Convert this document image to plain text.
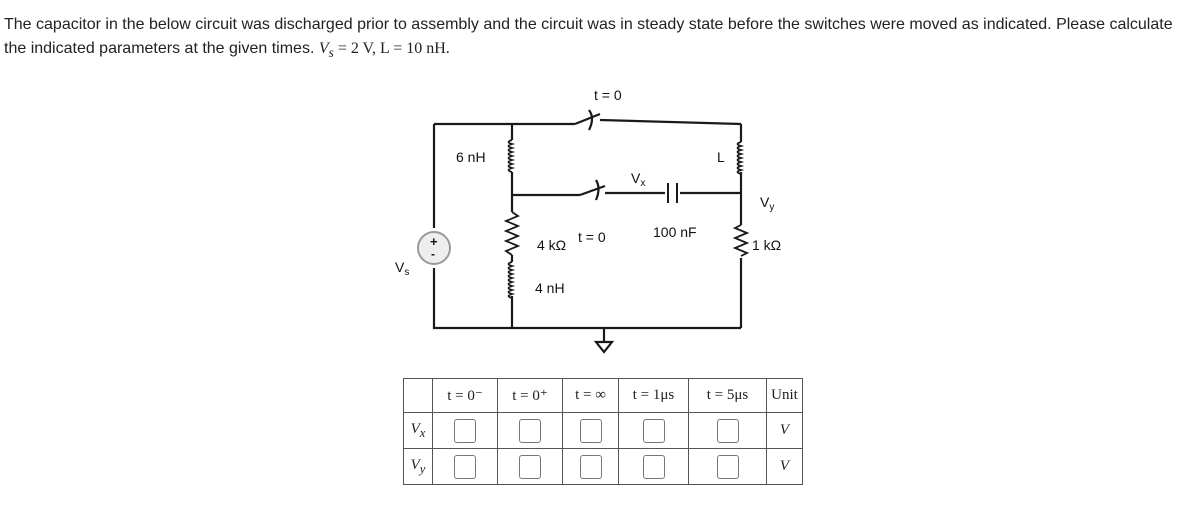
The capacitor in the below circuit was discharged prior to assembly and the circuit was in steady state before the switches were moved as indicated. Please calculate the indicated parameters at the given times. $V_s = 2$ V, L = 10 nH.

+
-
$V_s$
6 nH
4 kΩ
4 nH
L
1 kΩ
100 nF
t = 0
t = 0
$V_x$
$V_y$
	t = 0⁻	t = 0⁺	t = ∞	t = 1μs	t = 5μs	Unit
$V_x$						V
$V_y$						V
